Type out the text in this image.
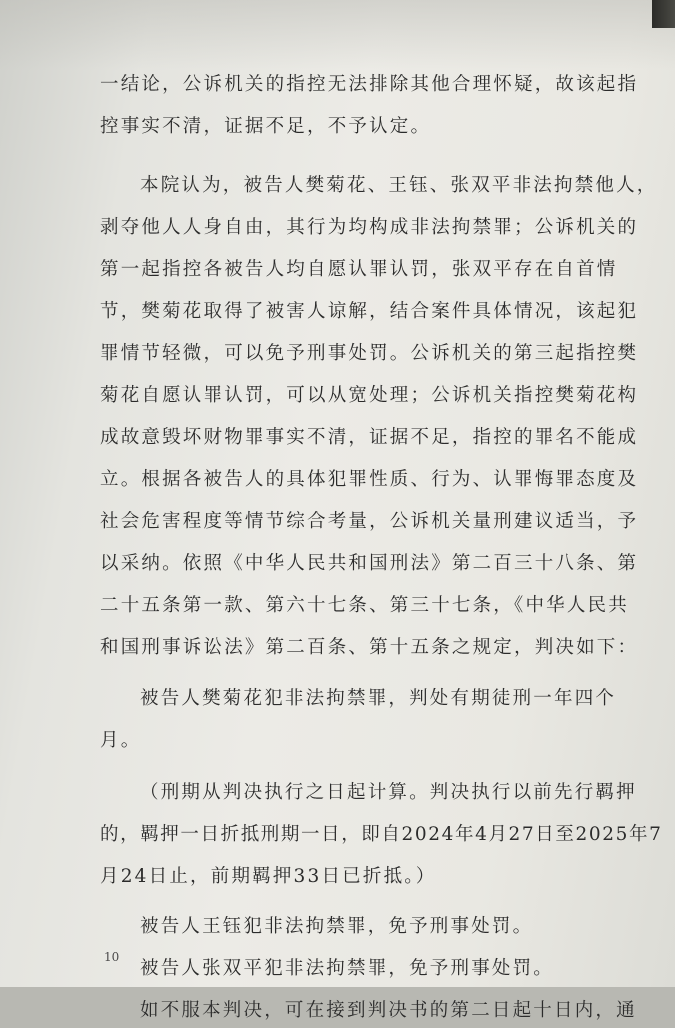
一结论，公诉机关的指控无法排除其他合理怀疑，故该起指
控事实不清，证据不足，不予认定。
本院认为，被告人樊菊花、王钰、张双平非法拘禁他人，
剥夺他人人身自由，其行为均构成非法拘禁罪；公诉机关的
第一起指控各被告人均自愿认罪认罚，张双平存在自首情
节，樊菊花取得了被害人谅解，结合案件具体情况，该起犯
罪情节轻微，可以免予刑事处罚。公诉机关的第三起指控樊
菊花自愿认罪认罚，可以从宽处理；公诉机关指控樊菊花构
成故意毁坏财物罪事实不清，证据不足，指控的罪名不能成
立。根据各被告人的具体犯罪性质、行为、认罪悔罪态度及
社会危害程度等情节综合考量，公诉机关量刑建议适当，予
以采纳。依照《中华人民共和国刑法》第二百三十八条、第
二十五条第一款、第六十七条、第三十七条，《中华人民共
和国刑事诉讼法》第二百条、第十五条之规定，判决如下：
被告人樊菊花犯非法拘禁罪，判处有期徒刑一年四个
月。
（刑期从判决执行之日起计算。判决执行以前先行羁押
的，羁押一日折抵刑期一日，即自2024年4月27日至2025年7
月24日止，前期羁押33日已折抵。）
被告人王钰犯非法拘禁罪，免予刑事处罚。
被告人张双平犯非法拘禁罪，免予刑事处罚。
如不服本判决，可在接到判决书的第二日起十日内，通
10
